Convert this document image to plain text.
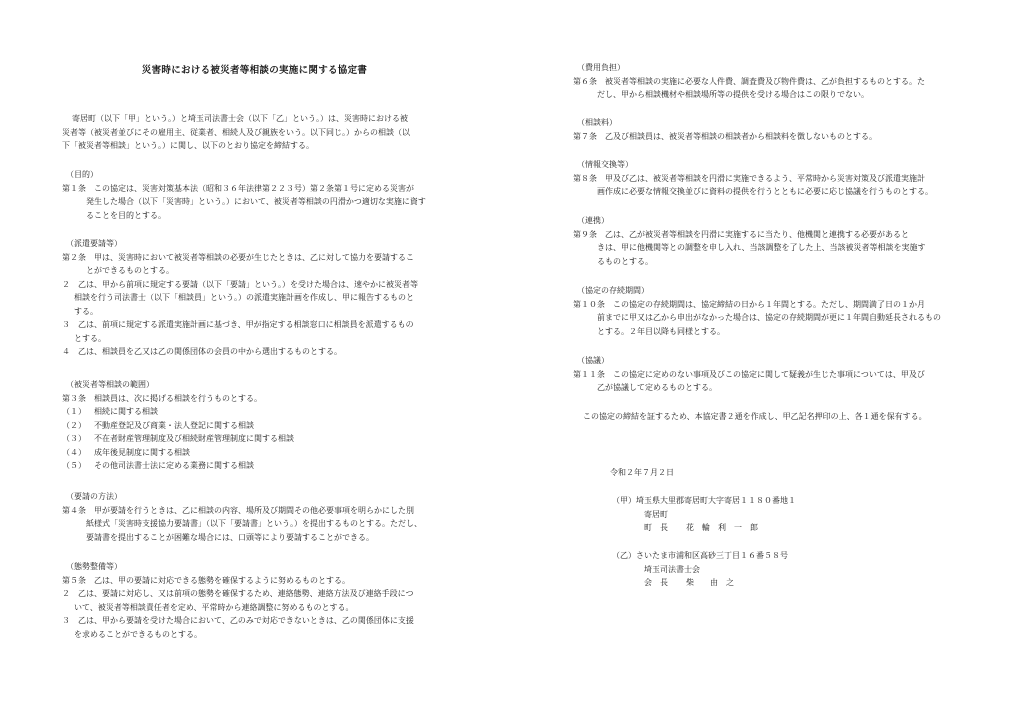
災害時における被災者等相談の実施に関する協定書

寄居町（以下「甲」という。）と埼玉司法書士会（以下「乙」という。）は、災害時における被

災者等（被災者並びにその雇用主、従業者、相続人及び親族をいう。以下同じ。）からの相談（以

下「被災者等相談」という。）に関し、以下のとおり協定を締結する。

（目的）

第１条　この協定は、災害対策基本法（昭和３６年法律第２２３号）第２条第１号に定める災害が

発生した場合（以下「災害時」という。）において、被災者等相談の円滑かつ適切な実施に資す

ることを目的とする。

（派遣要請等）

第２条　甲は、災害時において被災者等相談の必要が生じたときは、乙に対して協力を要請するこ

とができるものとする。

２　乙は、甲から前項に規定する要請（以下「要請」という。）を受けた場合は、速やかに被災者等

相談を行う司法書士（以下「相談員」という。）の派遣実施計画を作成し、甲に報告するものと

する。

３　乙は、前項に規定する派遣実施計画に基づき、甲が指定する相談窓口に相談員を派遣するもの

とする。

４　乙は、相談員を乙又は乙の関係団体の会員の中から選出するものとする。

（被災者等相談の範囲）

第３条　相談員は、次に掲げる相談を行うものとする。

（１） 相続に関する相談
（２） 不動産登記及び商業・法人登記に関する相談
（３） 不在者財産管理制度及び相続財産管理制度に関する相談
（４） 成年後見制度に関する相談
（５） その他司法書士法に定める業務に関する相談

（要請の方法）

第４条　甲が要請を行うときは、乙に相談の内容、場所及び期間その他必要事項を明らかにした別

紙様式「災害時支援協力要請書」（以下「要請書」という。）を提出するものとする。ただし、

要請書を提出することが困難な場合には、口頭等により要請することができる。

（態勢整備等）

第５条　乙は、甲の要請に対応できる態勢を確保するように努めるものとする。

２　乙は、要請に対応し、又は前項の態勢を確保するため、連絡態勢、連絡方法及び連絡手段につ

いて、被災者等相談責任者を定め、平常時から連絡調整に努めるものとする。

３　乙は、甲から要請を受けた場合において、乙のみで対応できないときは、乙の関係団体に支援

を求めることができるものとする。

（費用負担）

第６条　被災者等相談の実施に必要な人件費、調査費及び物件費は、乙が負担するものとする。た

だし、甲から相談機材や相談場所等の提供を受ける場合はこの限りでない。

（相談料）

第７条　乙及び相談員は、被災者等相談の相談者から相談料を徴しないものとする。

（情報交換等）

第８条　甲及び乙は、被災者等相談を円滑に実施できるよう、平常時から災害対策及び派遣実施計

画作成に必要な情報交換並びに資料の提供を行うとともに必要に応じ協議を行うものとする。

（連携）

第９条　乙は、乙が被災者等相談を円滑に実施するに当たり、他機関と連携する必要があると

きは、甲に他機関等との調整を申し入れ、当該調整を了した上、当該被災者等相談を実施す

るものとする。

（協定の存続期間）

第１０条　この協定の存続期間は、協定締結の日から１年間とする。ただし、期間満了日の１か月

前までに甲又は乙から申出がなかった場合は、協定の存続期間が更に１年間自動延長されるもの

とする。２年目以降も同様とする。

（協議）

第１１条　この協定に定めのない事項及びこの協定に関して疑義が生じた事項については、甲及び

乙が協議して定めるものとする。

この協定の締結を証するため、本協定書２通を作成し、甲乙記名押印の上、各１通を保有する。

令和２年７月２日

（甲）埼玉県大里郡寄居町大字寄居１１８０番地１

寄居町

町　長 花　輪　利　一　郎

（乙）さいたま市浦和区高砂三丁目１６番５８号

埼玉司法書士会

会　長 柴　　由　之
